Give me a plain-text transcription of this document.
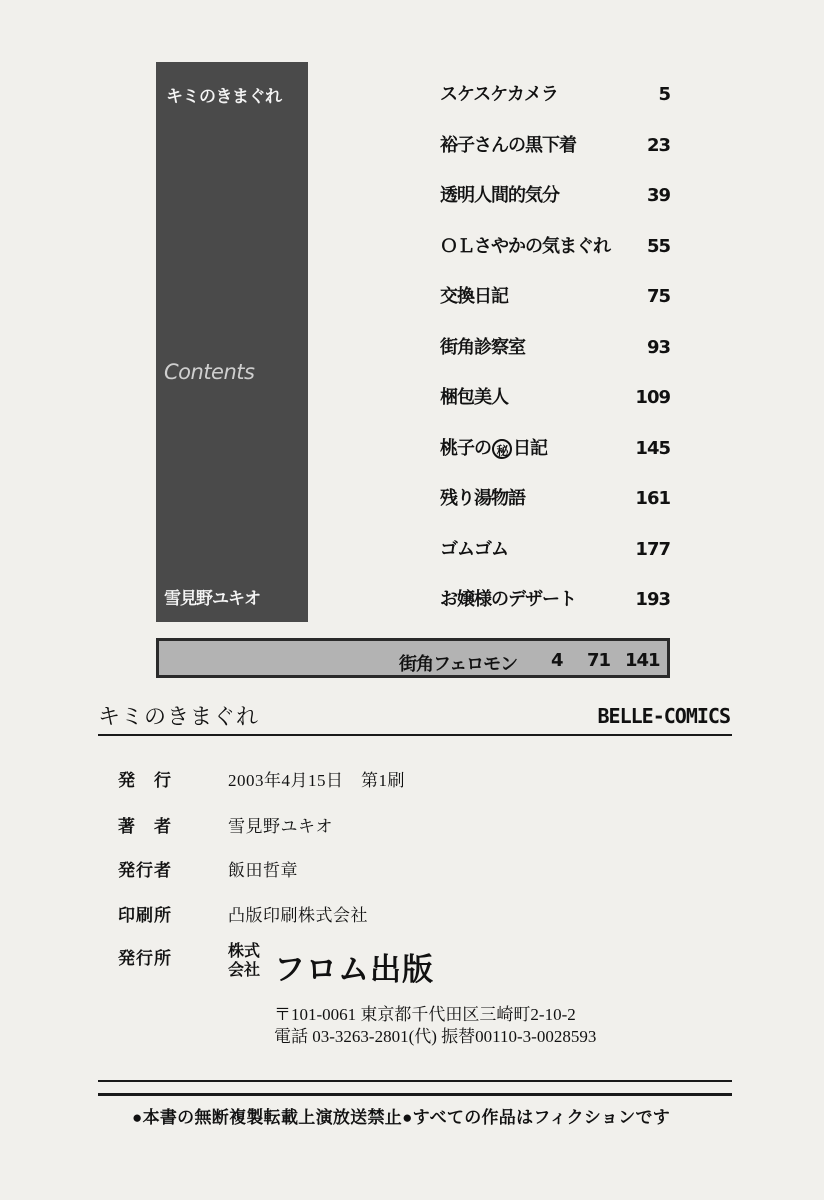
キミのきまぐれ
Contents
雪見野ユキオ
スケスケカメラ	5
裕子さんの黒下着	23
透明人間的気分	39
ＯＬさやかの気まぐれ 55
交換日記	75
街角診察室	93
梱包美人	109
桃子の 秘 日記	145
残り湯物語	161
ゴムゴム	177
お嬢様のデザート	193
街角フェロモン 4 71 141
キミのきまぐれ	BELLE-COMICS
発　行	2003年4月15日　第1刷
著　者	雪見野ユキオ
発行者	飯田哲章
印刷所	凸版印刷株式会社
発行所	株式
会社 フロム出版
〒101-0061 東京都千代田区三崎町2-10-2
電話 03-3263-2801(代) 振替00110-3-0028593
●本書の無断複製転載上演放送禁止●すべての作品はフィクションです
